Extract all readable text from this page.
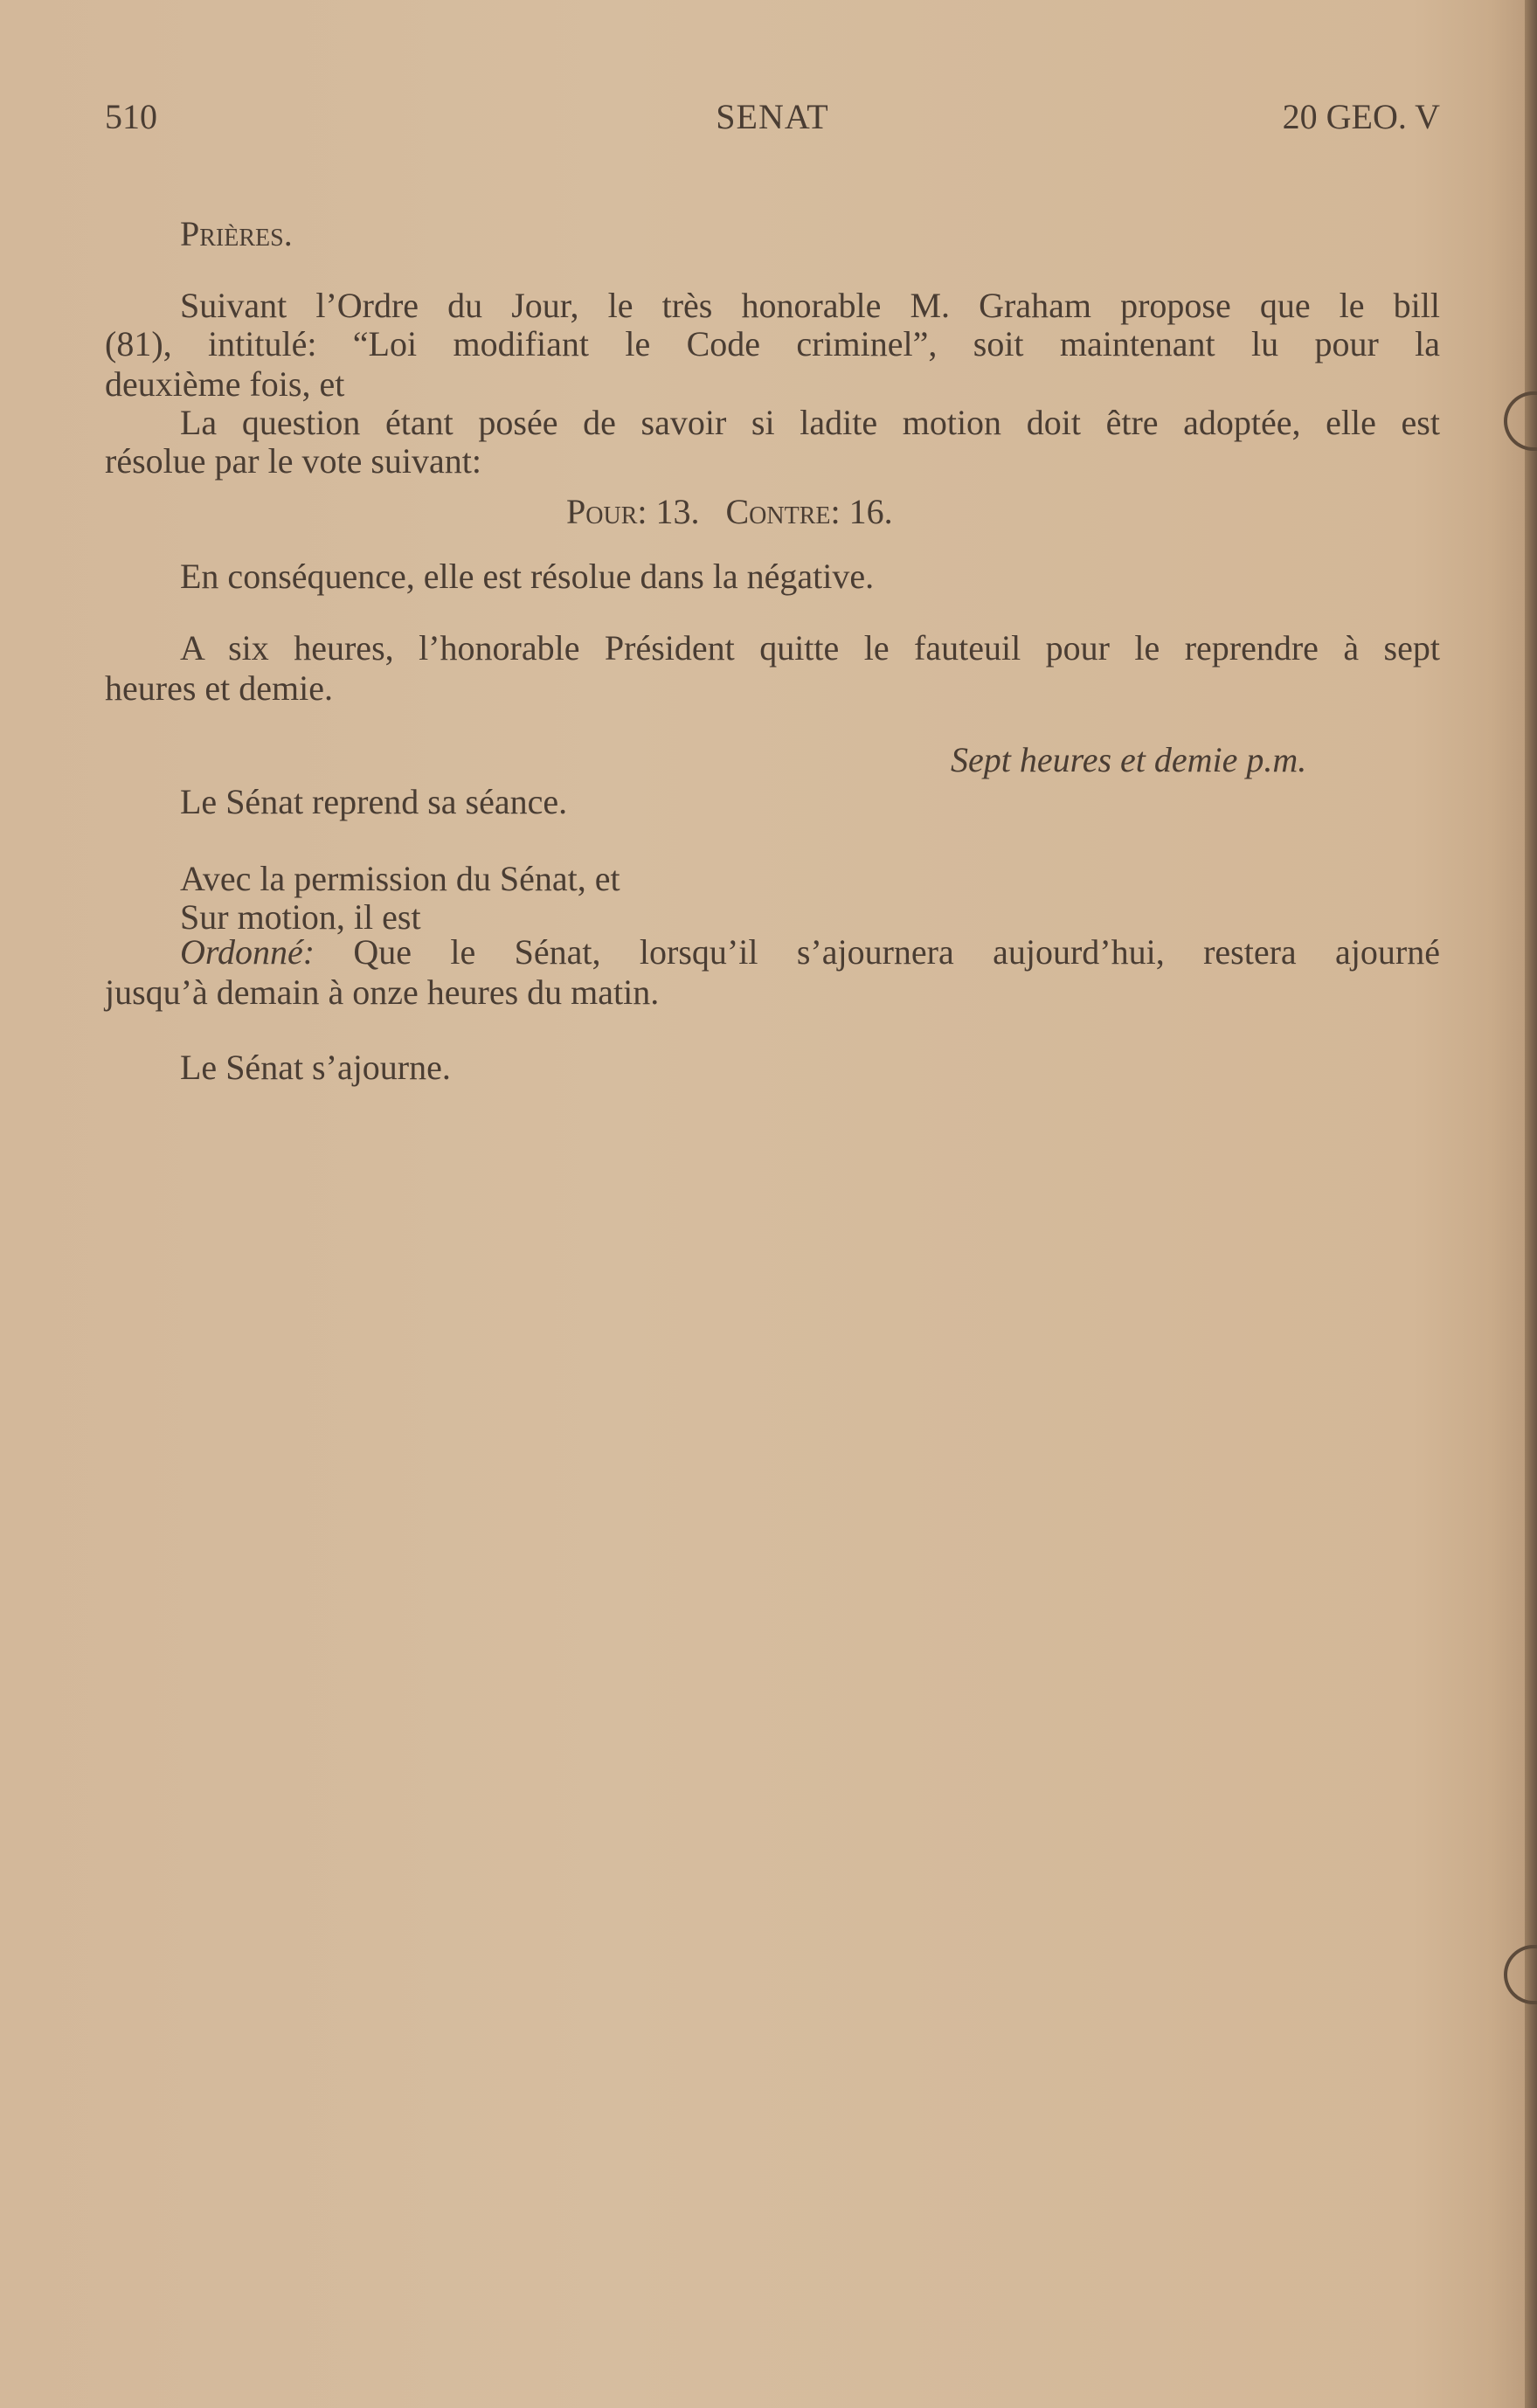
510	SENAT	20 GEO. V
Prières.
Suivant l’Ordre du Jour, le très honorable M. Graham propose que le bill
(81), intitulé: “Loi modifiant le Code criminel”, soit maintenant lu pour la
deuxième fois, et
La question étant posée de savoir si ladite motion doit être adoptée, elle est
résolue par le vote suivant:
Pour: 13. Contre: 16.
En conséquence, elle est résolue dans la négative.
A six heures, l’honorable Président quitte le fauteuil pour le reprendre à sept
heures et demie.
Sept heures et demie p.m.
Le Sénat reprend sa séance.
Avec la permission du Sénat, et
Sur motion, il est
Ordonné: Que le Sénat, lorsqu’il s’ajournera aujourd’hui, restera ajourné
jusqu’à demain à onze heures du matin.
Le Sénat s’ajourne.
